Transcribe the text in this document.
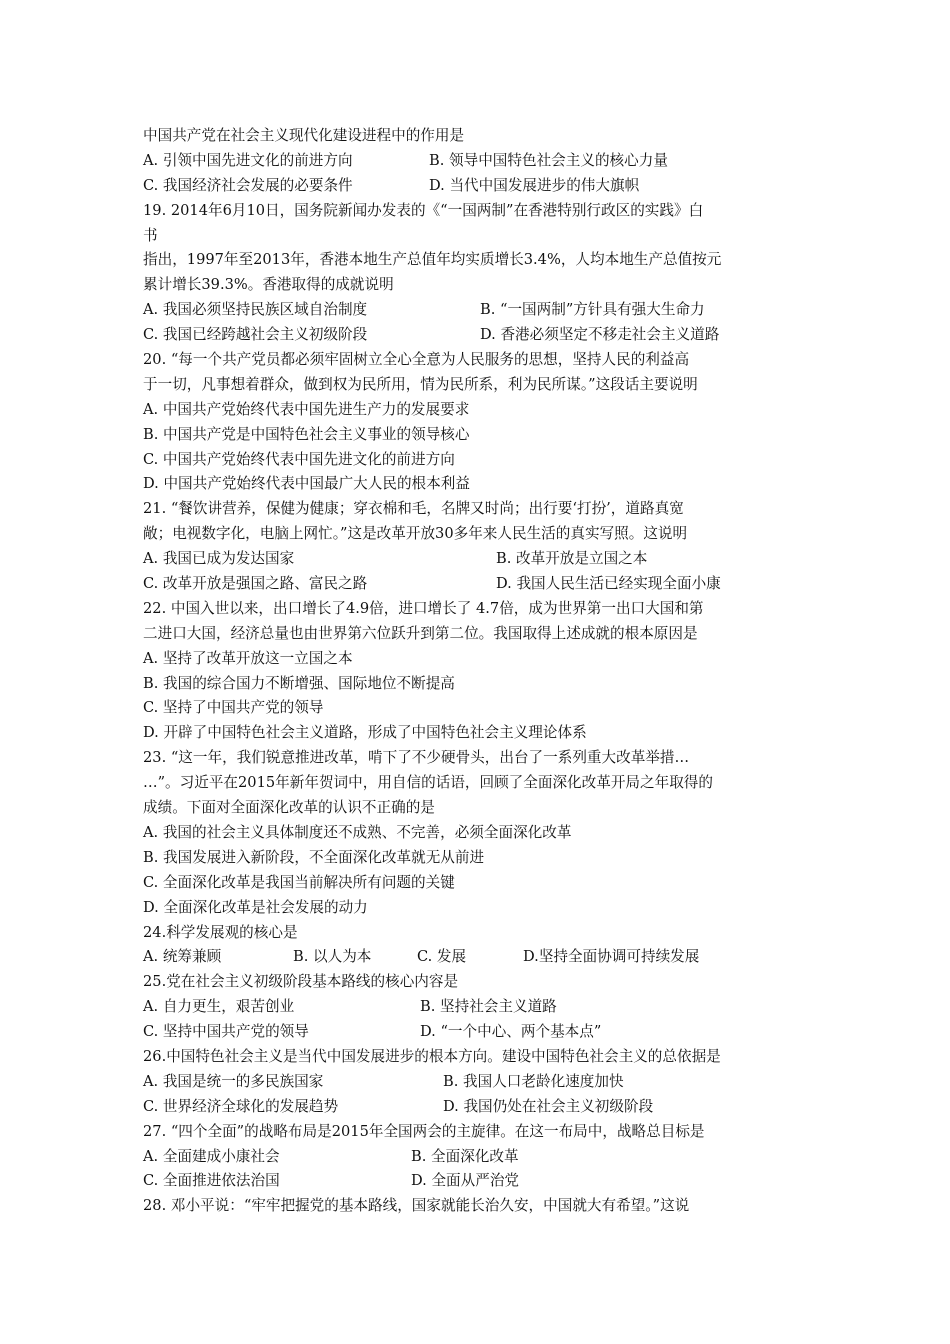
中国共产党在社会主义现代化建设进程中的作用是
A. 引领中国先进文化的前进方向	B. 领导中国特色社会主义的核心力量
C. 我国经济社会发展的必要条件	D. 当代中国发展进步的伟大旗帜
19. 2014年6月10日，国务院新闻办发表的《“一国两制”在香港特别行政区的实践》白
书
指出，1997年至2013年，香港本地生产总值年均实质增长3.4%，人均本地生产总值按元
累计增长39.3%。香港取得的成就说明
A. 我国必须坚持民族区域自治制度	B. “一国两制”方针具有强大生命力
C. 我国已经跨越社会主义初级阶段	D. 香港必须坚定不移走社会主义道路
20. “每一个共产党员都必须牢固树立全心全意为人民服务的思想，坚持人民的利益高
于一切，凡事想着群众，做到权为民所用，情为民所系，利为民所谋。”这段话主要说明
A. 中国共产党始终代表中国先进生产力的发展要求
B. 中国共产党是中国特色社会主义事业的领导核心
C. 中国共产党始终代表中国先进文化的前进方向
D. 中国共产党始终代表中国最广大人民的根本利益
21. “餐饮讲营养，保健为健康；穿衣棉和毛，名牌又时尚；出行要‘打扮’，道路真宽
敞；电视数字化，电脑上网忙。”这是改革开放30多年来人民生活的真实写照。这说明
A. 我国已成为发达国家	B. 改革开放是立国之本
C. 改革开放是强国之路、富民之路	D. 我国人民生活已经实现全面小康
22. 中国入世以来，出口增长了4.9倍，进口增长了 4.7倍，成为世界第一出口大国和第
二进口大国，经济总量也由世界第六位跃升到第二位。我国取得上述成就的根本原因是
A. 坚持了改革开放这一立国之本
B. 我国的综合国力不断增强、国际地位不断提高
C. 坚持了中国共产党的领导
D. 开辟了中国特色社会主义道路，形成了中国特色社会主义理论体系
23. “这一年，我们锐意推进改革，啃下了不少硬骨头，出台了一系列重大改革举措…
…”。习近平在2015年新年贺词中，用自信的话语，回顾了全面深化改革开局之年取得的
成绩。下面对全面深化改革的认识不正确的是
A. 我国的社会主义具体制度还不成熟、不完善，必须全面深化改革
B. 我国发展进入新阶段，不全面深化改革就无从前进
C. 全面深化改革是我国当前解决所有问题的关键
D. 全面深化改革是社会发展的动力
24.科学发展观的核心是
A. 统筹兼顾	B. 以人为本	C. 发展	D.坚持全面协调可持续发展
25.党在社会主义初级阶段基本路线的核心内容是
A. 自力更生，艰苦创业	B. 坚持社会主义道路
C. 坚持中国共产党的领导	D. “一个中心、两个基本点”
26.中国特色社会主义是当代中国发展进步的根本方向。建设中国特色社会主义的总依据是
A. 我国是统一的多民族国家	B. 我国人口老龄化速度加快
C. 世界经济全球化的发展趋势	D. 我国仍处在社会主义初级阶段
27. “四个全面”的战略布局是2015年全国两会的主旋律。在这一布局中，战略总目标是
A. 全面建成小康社会	B. 全面深化改革
C. 全面推进依法治国	D. 全面从严治党
28. 邓小平说：“牢牢把握党的基本路线，国家就能长治久安，中国就大有希望。”这说
